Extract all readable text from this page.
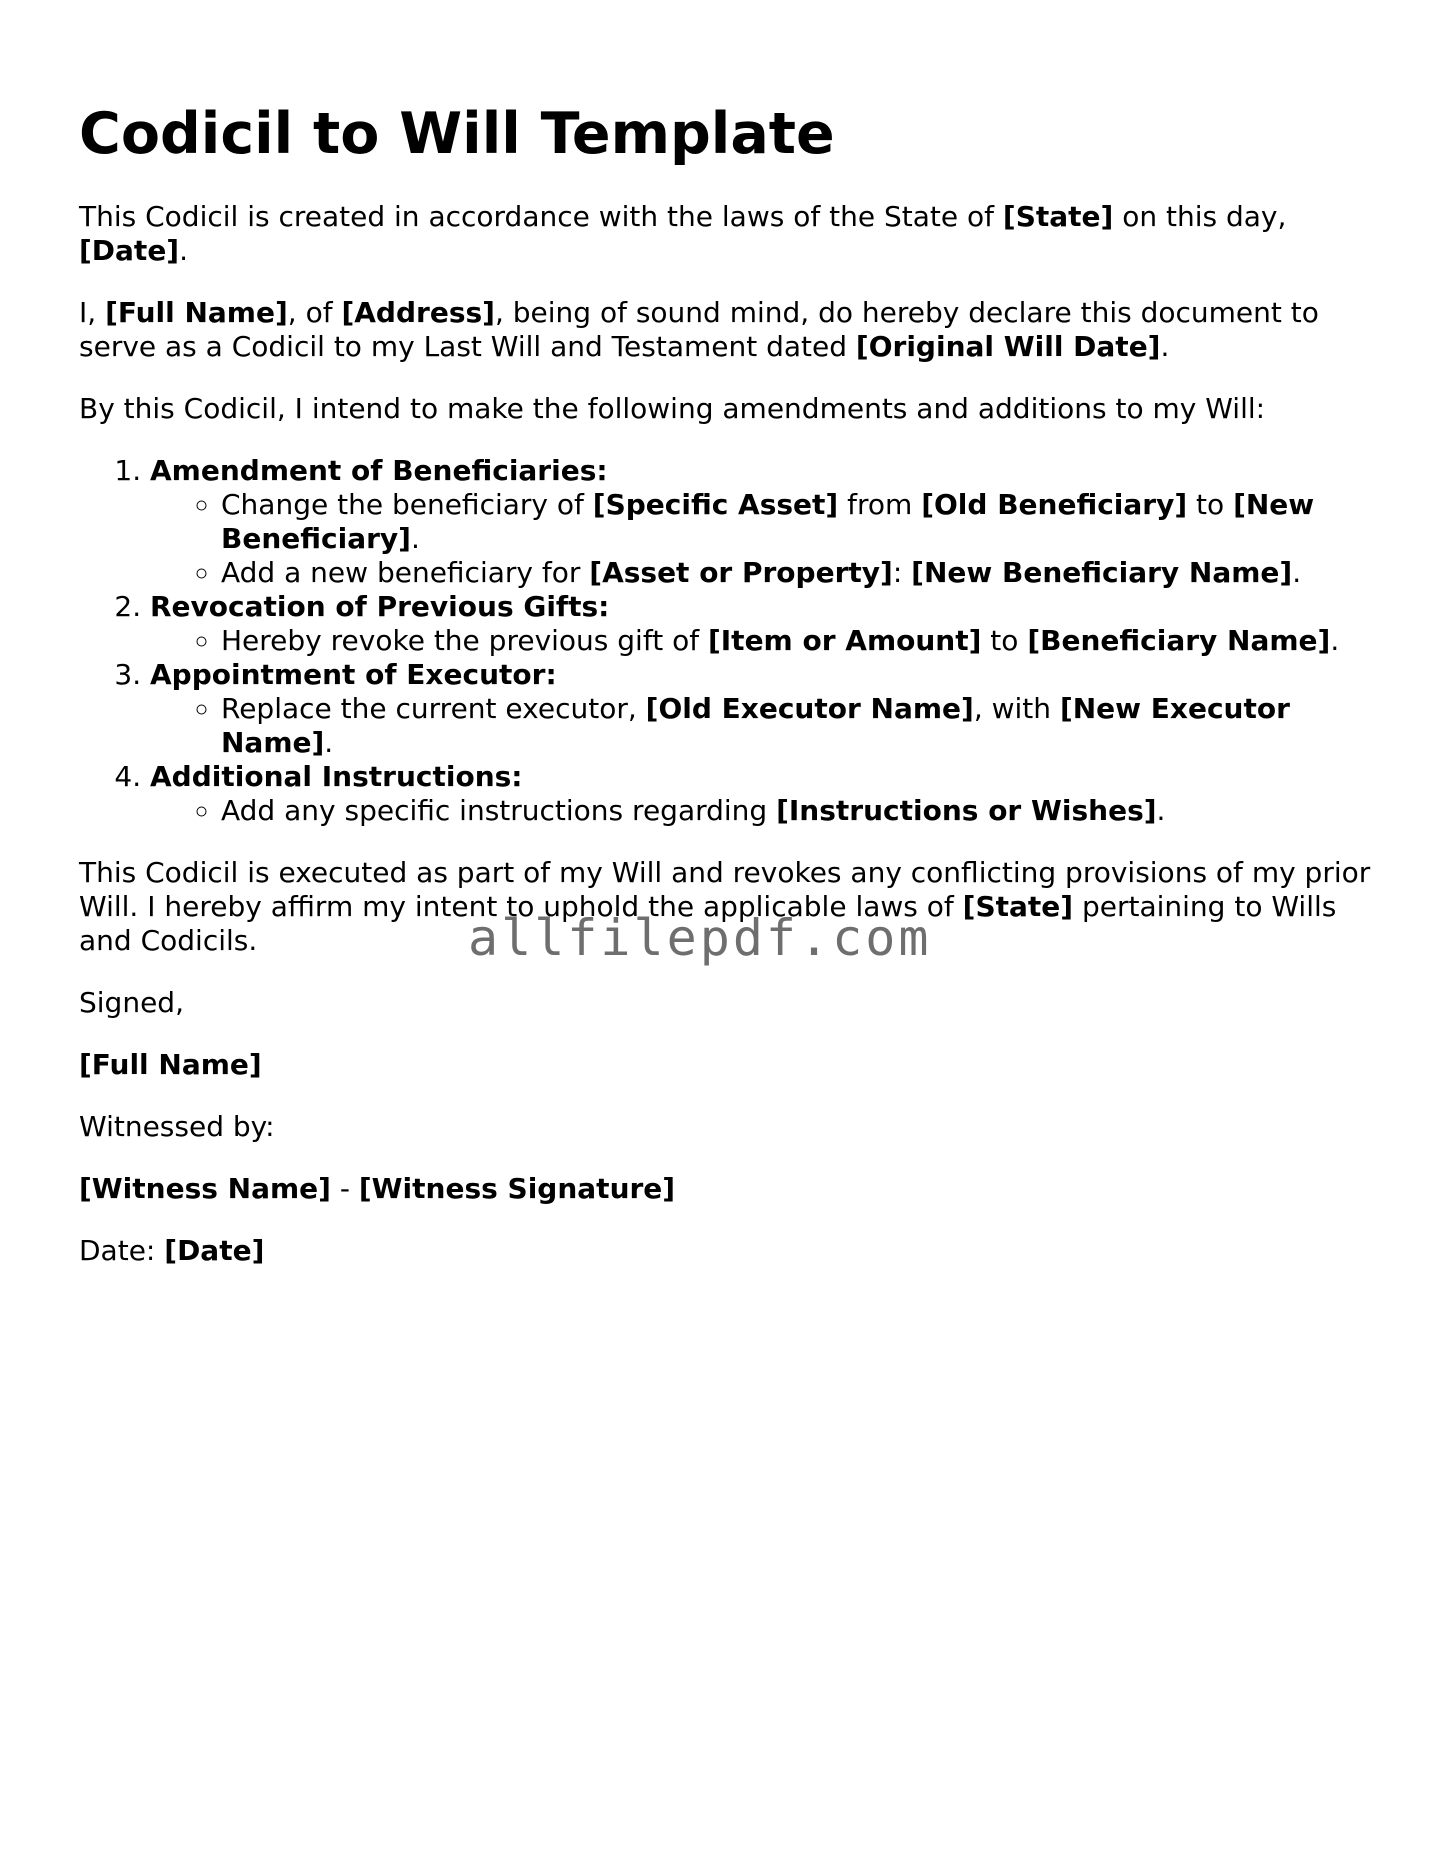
Codicil to Will Template

This Codicil is created in accordance with the laws of the State of [State] on this day, [Date].

I, [Full Name], of [Address], being of sound mind, do hereby declare this document to serve as a Codicil to my Last Will and Testament dated [Original Will Date].

By this Codicil, I intend to make the following amendments and additions to my Will:

1. Amendment of Beneficiaries:
◦ Change the beneficiary of [Specific Asset] from [Old Beneficiary] to [New Beneficiary].
◦ Add a new beneficiary for [Asset or Property]: [New Beneficiary Name].
2. Revocation of Previous Gifts:
◦ Hereby revoke the previous gift of [Item or Amount] to [Beneficiary Name].
3. Appointment of Executor:
◦ Replace the current executor, [Old Executor Name], with [New Executor Name].
4. Additional Instructions:
◦ Add any specific instructions regarding [Instructions or Wishes].

This Codicil is executed as part of my Will and revokes any conflicting provisions of my prior Will. I hereby affirm my intent to uphold the applicable laws of [State] pertaining to Wills and Codicils.

Signed,

[Full Name]

Witnessed by:

[Witness Name] - [Witness Signature]

Date: [Date]

allfilepdf.com
